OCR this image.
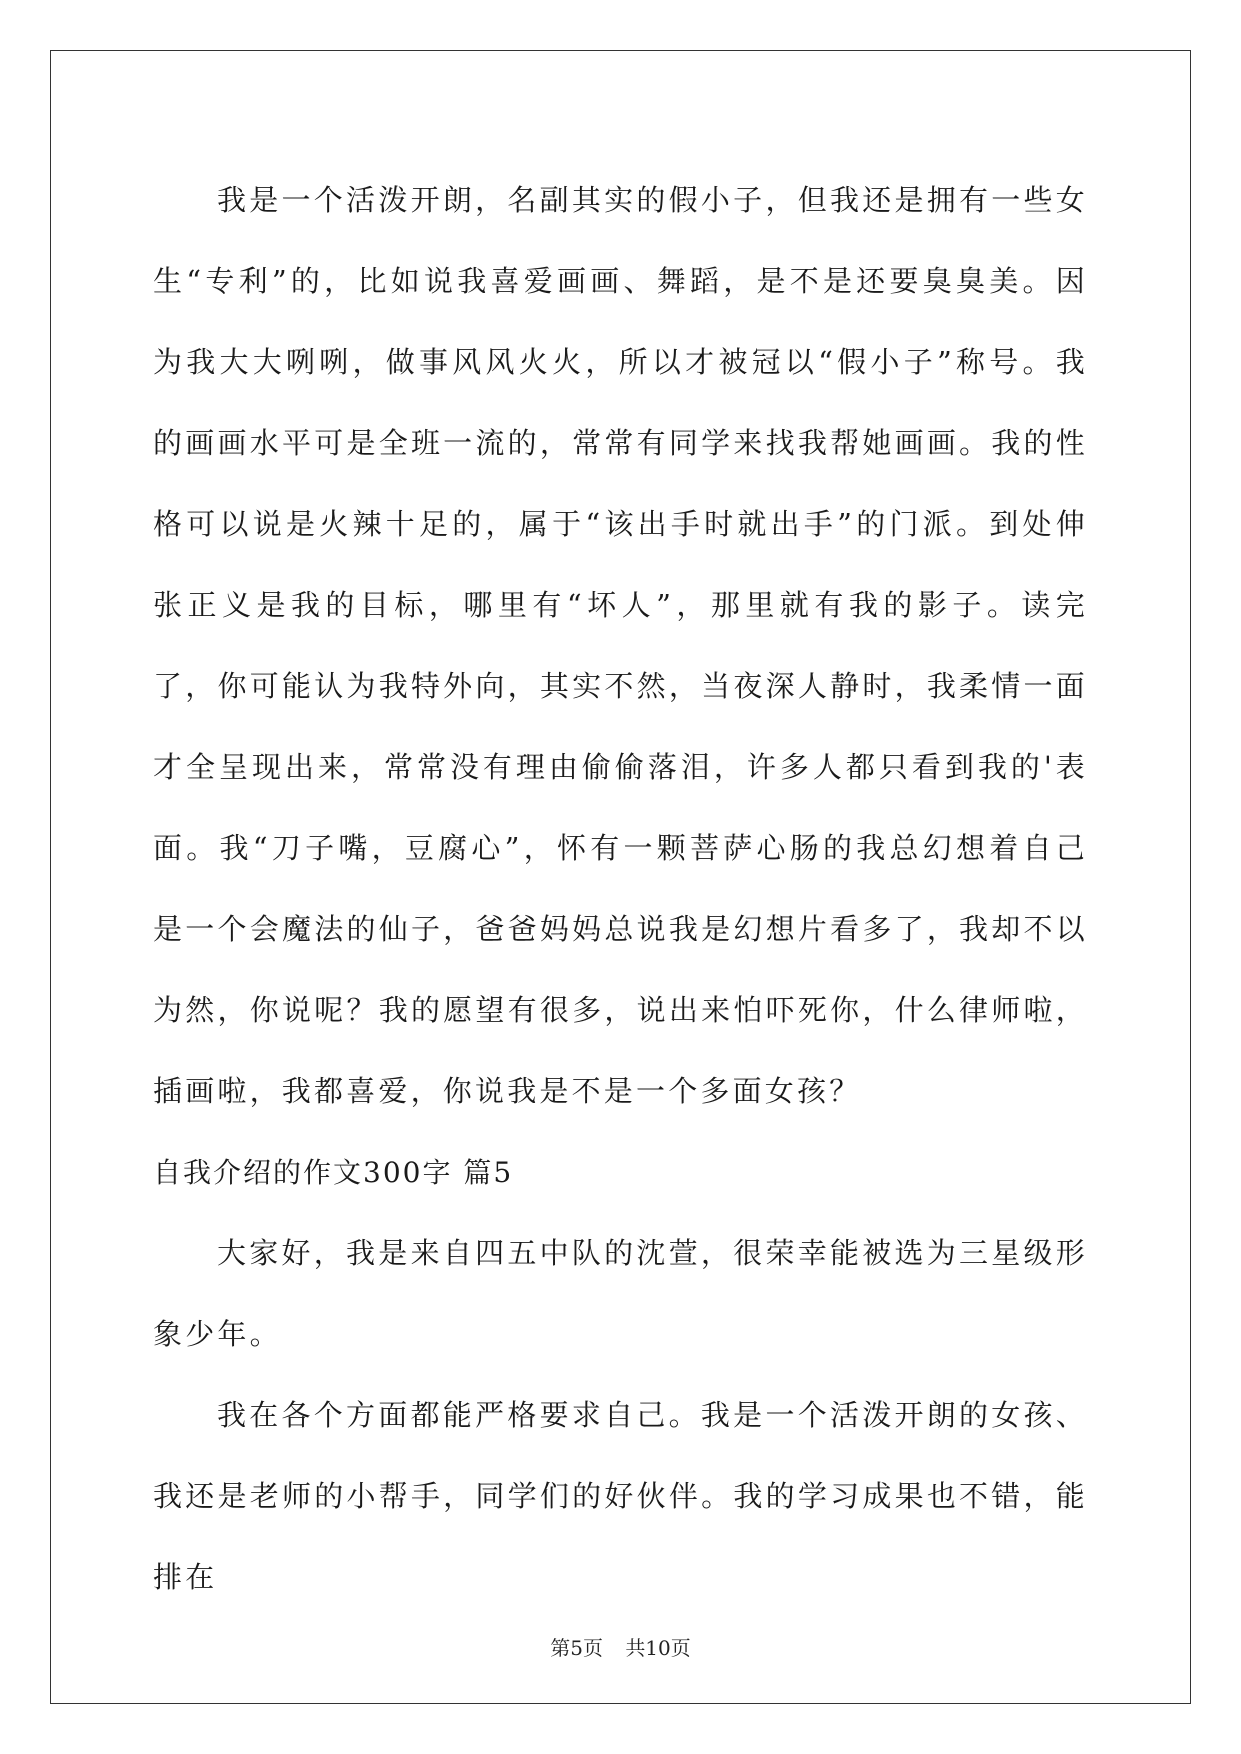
我是一个活泼开朗，名副其实的假小子，但我还是拥有一些女生“专利”的，比如说我喜爱画画、舞蹈，是不是还要臭臭美。因为我大大咧咧，做事风风火火，所以才被冠以“假小子”称号。我的画画水平可是全班一流的，常常有同学来找我帮她画画。我的性格可以说是火辣十足的，属于“该出手时就出手”的门派。到处伸张正义是我的目标，哪里有“坏人”，那里就有我的影子。读完了，你可能认为我特外向，其实不然，当夜深人静时，我柔情一面才全呈现出来，常常没有理由偷偷落泪，许多人都只看到我的'表面。我“刀子嘴，豆腐心”，怀有一颗菩萨心肠的我总幻想着自己是一个会魔法的仙子，爸爸妈妈总说我是幻想片看多了，我却不以为然，你说呢？我的愿望有很多，说出来怕吓死你，什么律师啦，插画啦，我都喜爱，你说我是不是一个多面女孩？

自我介绍的作文300字 篇5

大家好，我是来自四五中队的沈萱，很荣幸能被选为三星级形象少年。

我在各个方面都能严格要求自己。我是一个活泼开朗的女孩、我还是老师的小帮手，同学们的好伙伴。我的学习成果也不错，能排在

第5页 共10页
